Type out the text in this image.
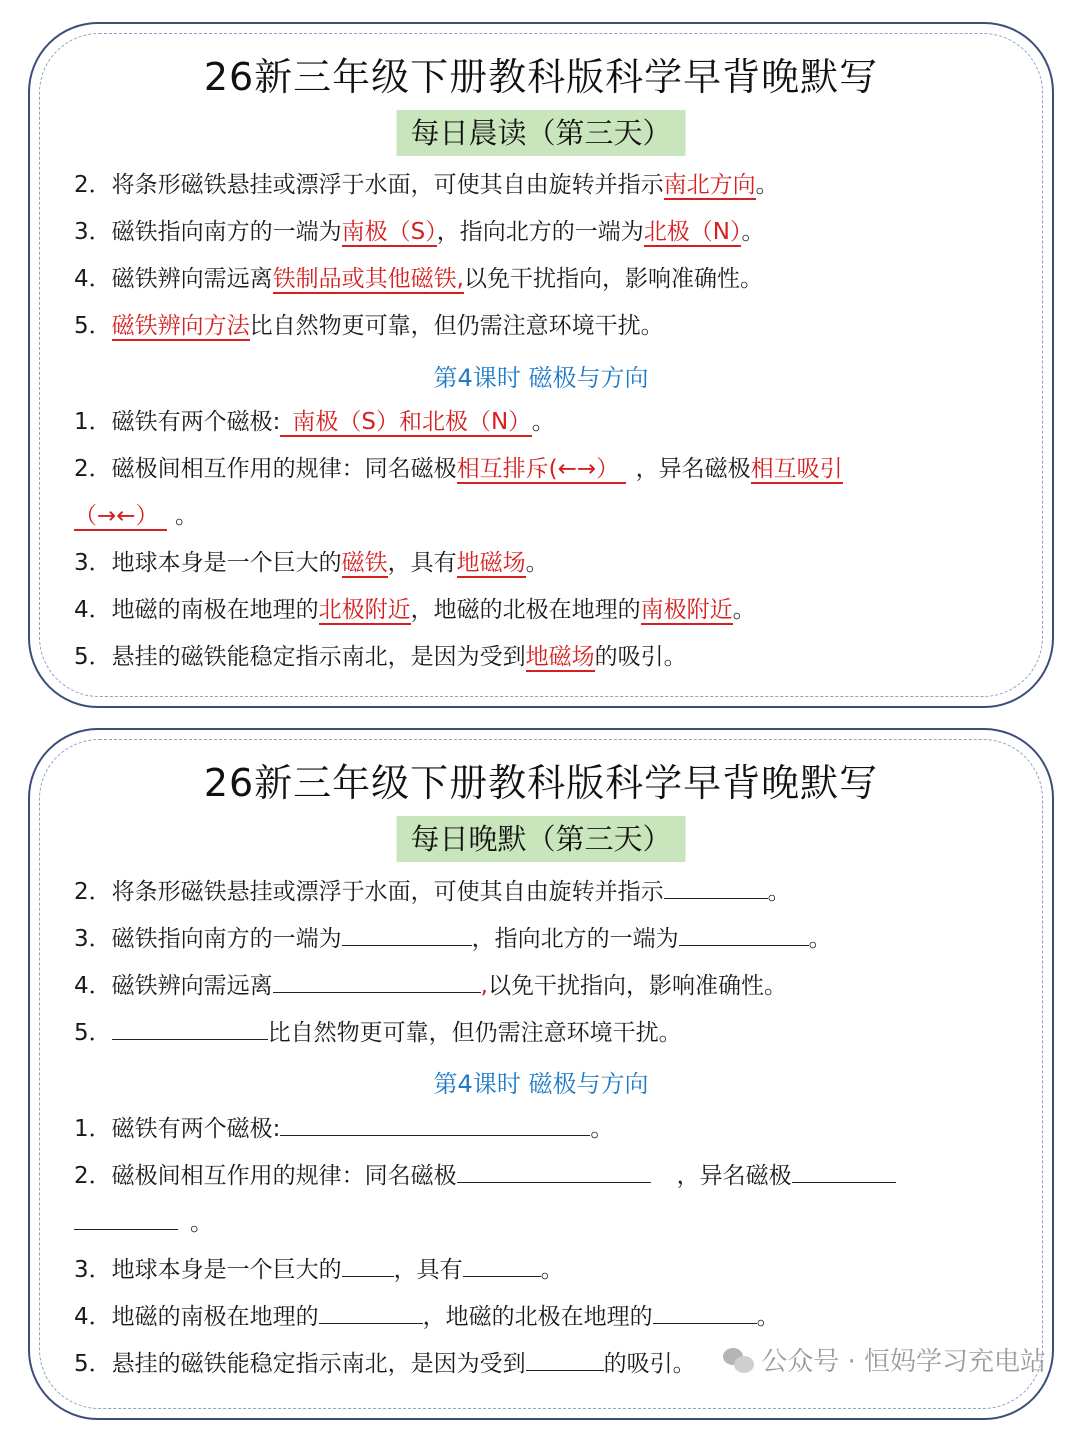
26新三年级下册教科版科学早背晚默写
每日晨读（第三天）
2．将条形磁铁悬挂或漂浮于水面，可使其自由旋转并指示南北方向。
3．磁铁指向南方的一端为南极（S），指向北方的一端为北极（N）。
4．磁铁辨向需远离铁制品或其他磁铁,以免干扰指向，影响准确性。
5．磁铁辨向方法比自然物更可靠，但仍需注意环境干扰。
第4课时 磁极与方向
1．磁铁有两个磁极: 南极（S）和北极（N） 。
2．磁极间相互作用的规律：同名磁极相互排斥(←→） ，异名磁极相互吸引
（→←） 。
3．地球本身是一个巨大的磁铁，具有地磁场。
4．地磁的南极在地理的北极附近，地磁的北极在地理的南极附近。
5．悬挂的磁铁能稳定指示南北，是因为受到地磁场的吸引。
26新三年级下册教科版科学早背晚默写
每日晚默（第三天）
2．将条形磁铁悬挂或漂浮于水面，可使其自由旋转并指示	。
3．磁铁指向南方的一端为	，指向北方的一端为	。
4．磁铁辨向需远离	,以免干扰指向，影响准确性。
5．	比自然物更可靠，但仍需注意环境干扰。
第4课时 磁极与方向
1．磁铁有两个磁极:	。
2．磁极间相互作用的规律：同名磁极	，异名磁极
。
3．地球本身是一个巨大的 ，具有	。
4．地磁的南极在地理的	，地磁的北极在地理的	。
5．悬挂的磁铁能稳定指示南北，是因为受到	的吸引。	公众号 · 恒妈学习充电站
